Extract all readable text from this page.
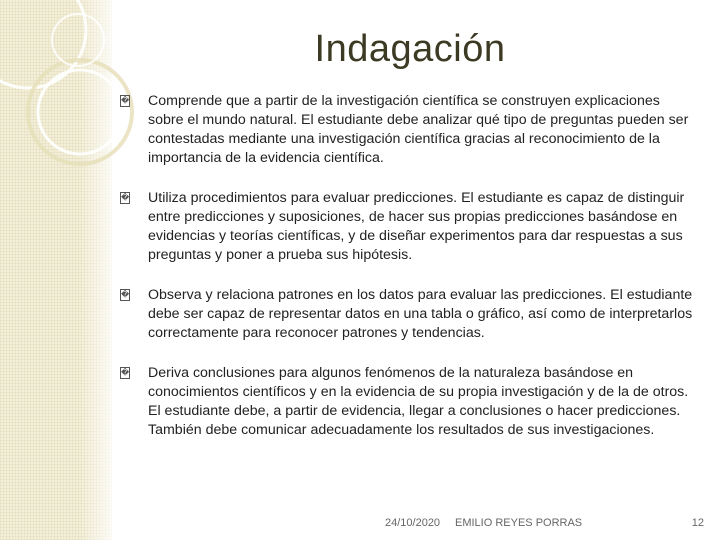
Indagación
� Comprende que a partir de la investigación científica se construyen explicaciones sobre el mundo natural. El estudiante debe analizar qué tipo de preguntas pueden ser contestadas mediante una investigación científica gracias al reconocimiento de la importancia de la evidencia científica.
� Utiliza procedimientos para evaluar predicciones. El estudiante es capaz de distinguir entre predicciones y suposiciones, de hacer sus propias predicciones basándose en evidencias y teorías científicas, y de diseñar experimentos para dar respuestas a sus preguntas y poner a prueba sus hipótesis.
� Observa y relaciona patrones en los datos para evaluar las predicciones. El estudiante debe ser capaz de representar datos en una tabla o gráfico, así como de interpretarlos correctamente para reconocer patrones y tendencias.
� Deriva conclusiones para algunos fenómenos de la naturaleza basándose en conocimientos científicos y en la evidencia de su propia investigación y de la de otros. El estudiante debe, a partir de evidencia, llegar a conclusiones o hacer predicciones. También debe comunicar adecuadamente los resultados de sus investigaciones.
24/10/2020 EMILIO REYES PORRAS	12
